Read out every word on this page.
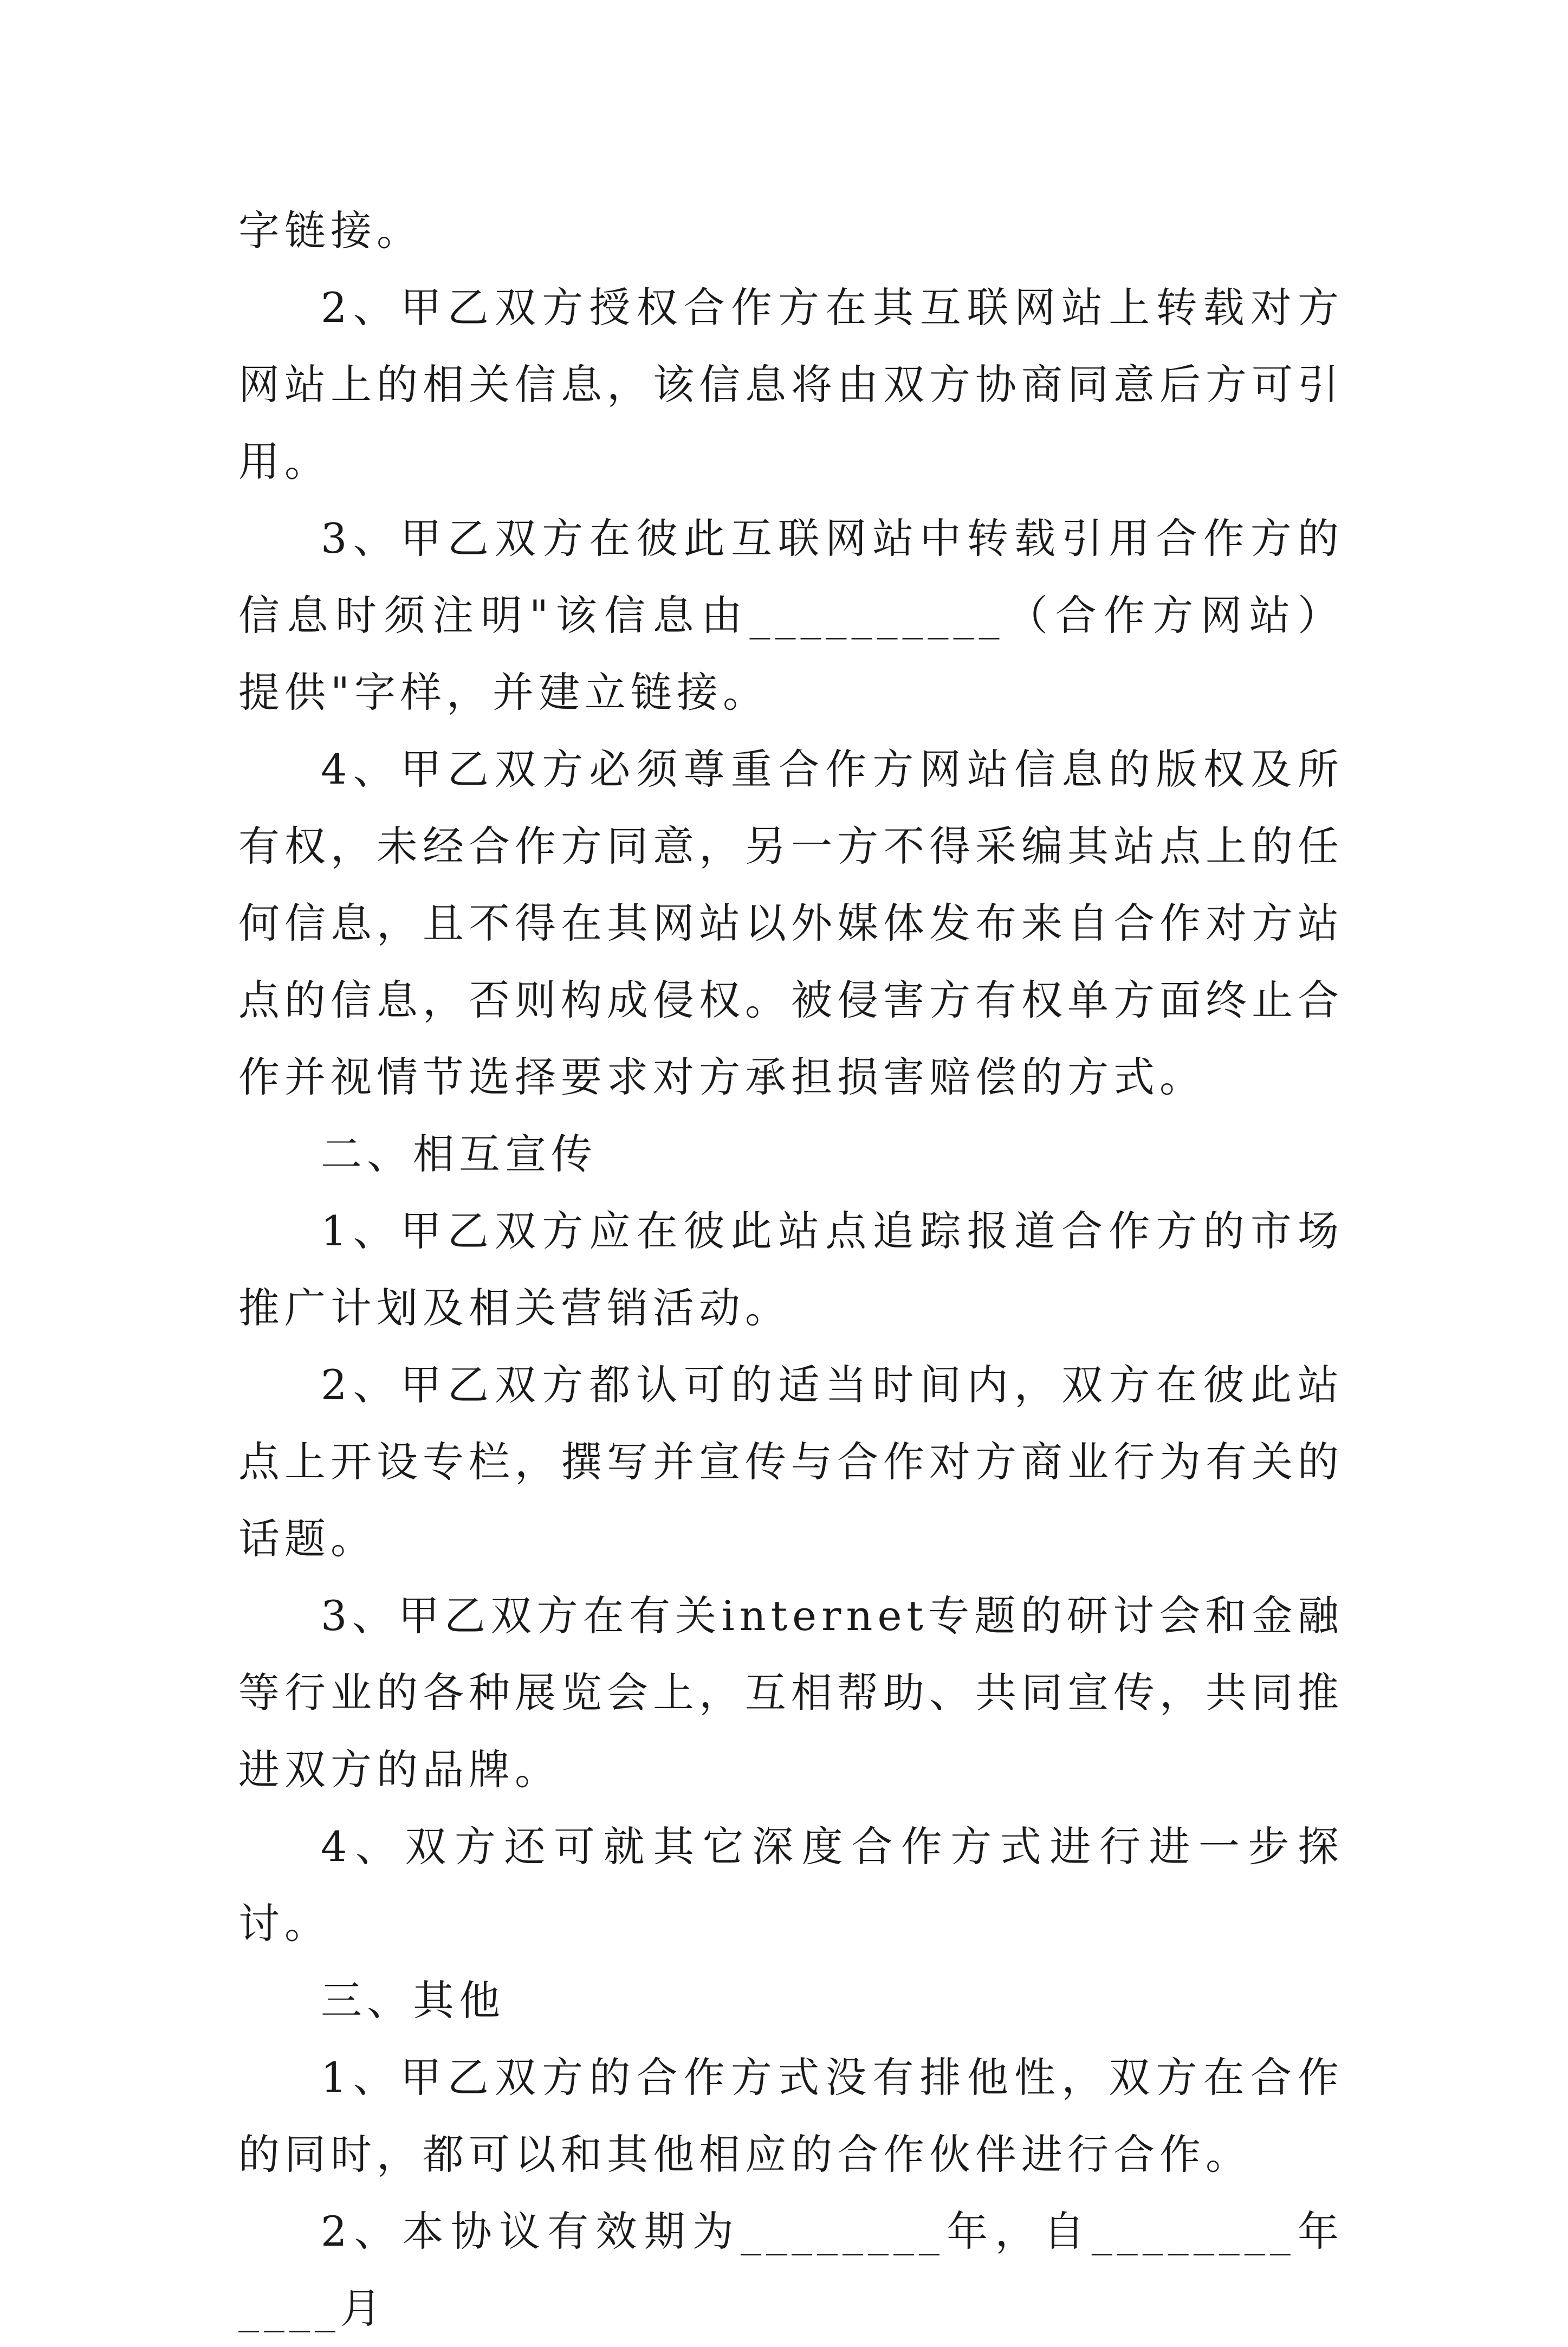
字链接。

2、甲乙双方授权合作方在其互联网站上转载对方网站上的相关信息，该信息将由双方协商同意后方可引用。

3、甲乙双方在彼此互联网站中转载引用合作方的信息时须注明"该信息由__________（合作方网站）提供"字样，并建立链接。

4、甲乙双方必须尊重合作方网站信息的版权及所有权，未经合作方同意，另一方不得采编其站点上的任何信息，且不得在其网站以外媒体发布来自合作对方站点的信息，否则构成侵权。被侵害方有权单方面终止合作并视情节选择要求对方承担损害赔偿的方式。

二、相互宣传

1、甲乙双方应在彼此站点追踪报道合作方的市场推广计划及相关营销活动。

2、甲乙双方都认可的适当时间内，双方在彼此站点上开设专栏，撰写并宣传与合作对方商业行为有关的话题。

3、甲乙双方在有关internet专题的研讨会和金融等行业的各种展览会上，互相帮助、共同宣传，共同推进双方的品牌。

4、双方还可就其它深度合作方式进行进一步探讨。

三、其他

1、甲乙双方的合作方式没有排他性，双方在合作的同时，都可以和其他相应的合作伙伴进行合作。

2、本协议有效期为________年，自________年____月
